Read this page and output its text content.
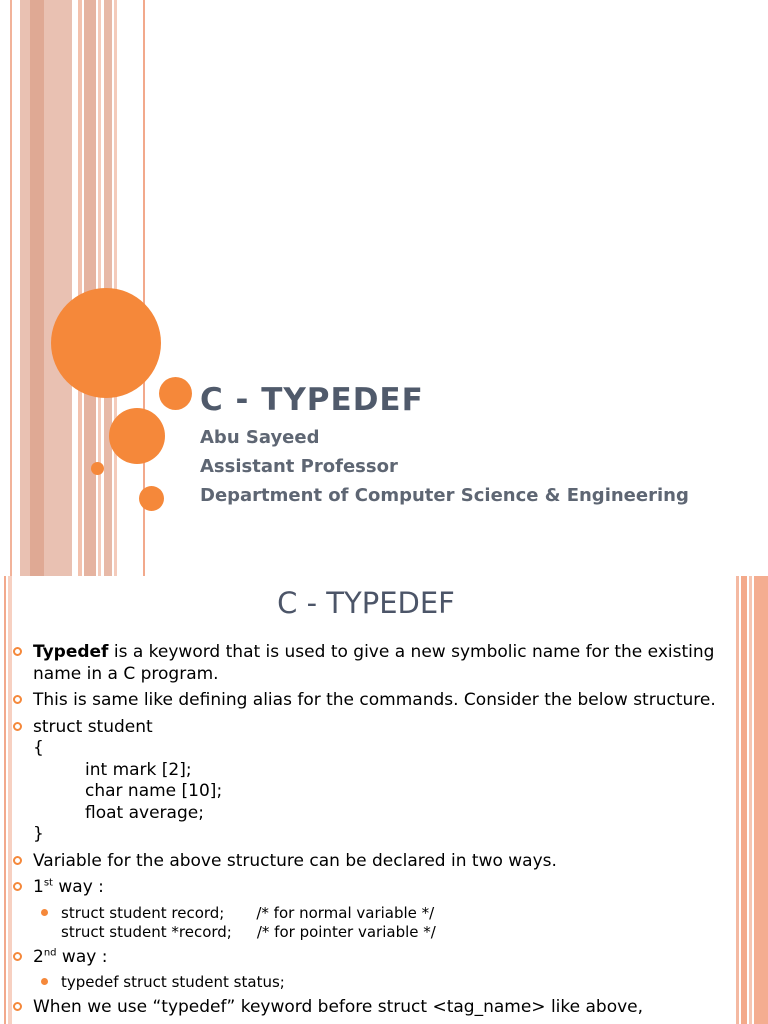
C - TYPEDEF
Abu Sayeed
Assistant Professor
Department of Computer Science & Engineering
C - TYPEDEF
Typedef is a keyword that is used to give a new symbolic name for the existing name in a C program.
This is same like defining alias for the commands. Consider the below structure.
struct student
{
int mark [2];
char name [10];
float average;
}
Variable for the above structure can be declared in two ways.
1st way :
struct student record; /* for normal variable */
struct student *record; /* for pointer variable */
2nd way :
typedef struct student status;
When we use “typedef” keyword before struct <tag_name> like above,
